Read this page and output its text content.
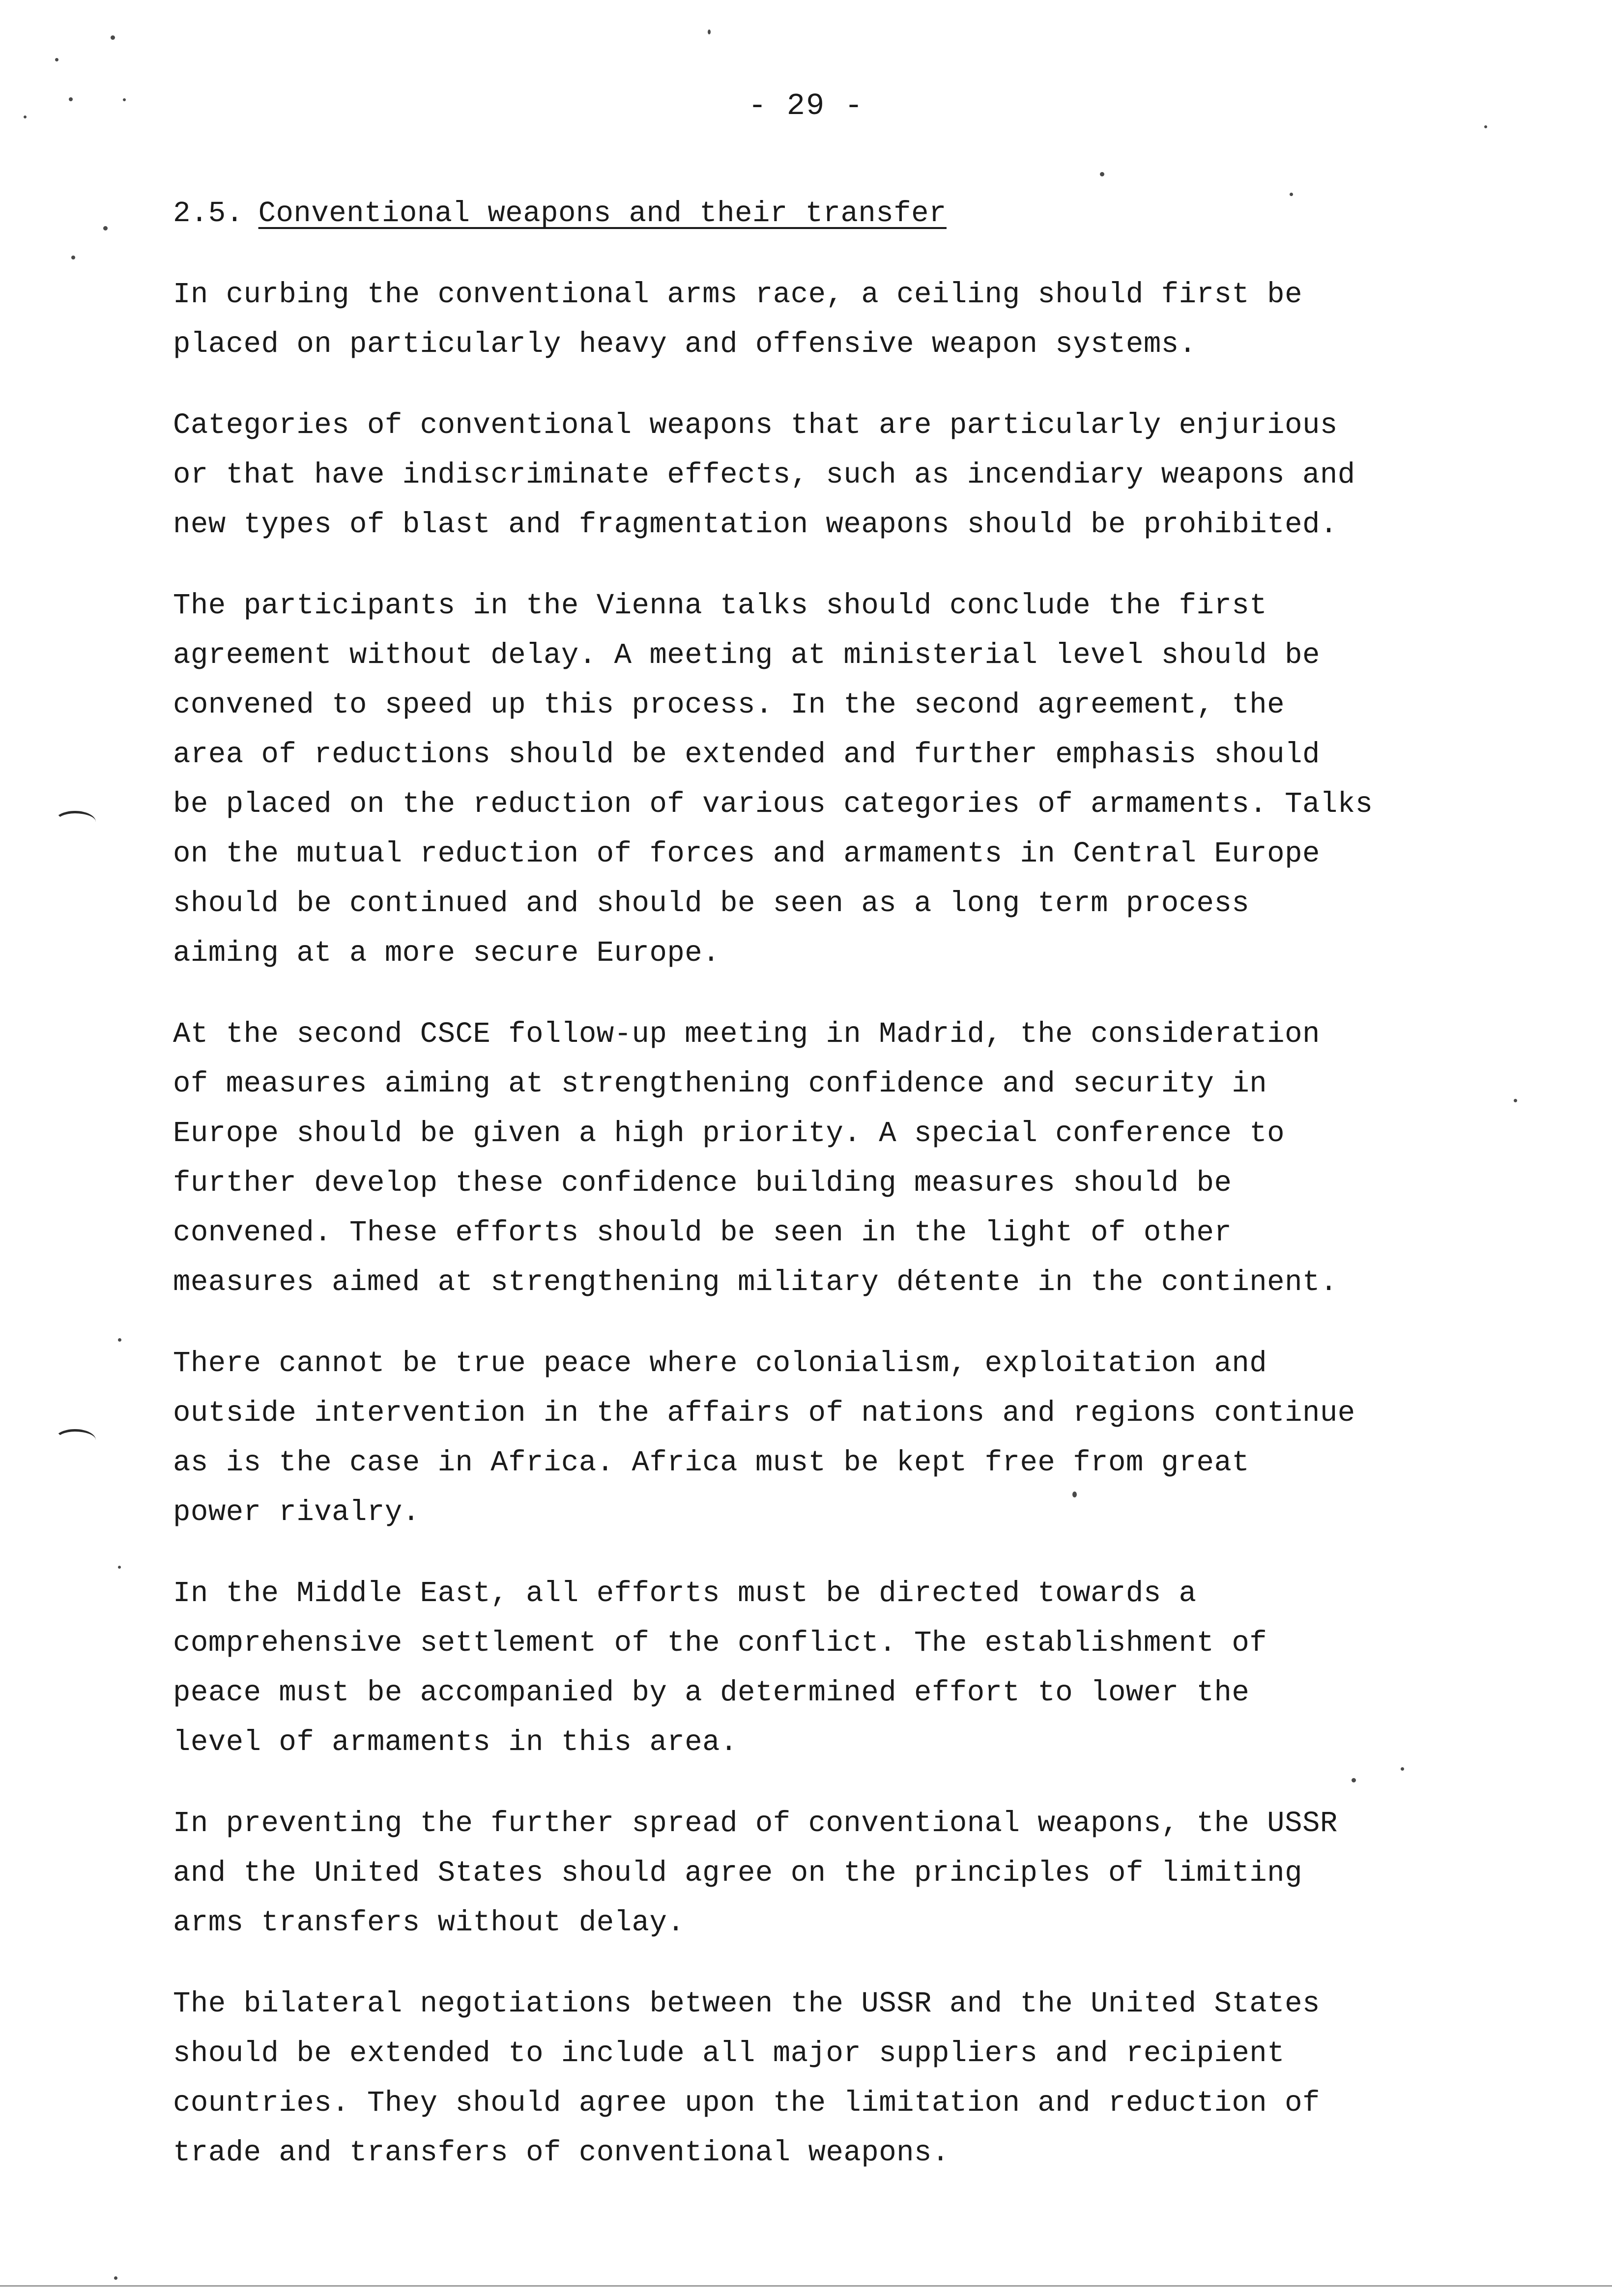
- 29 -
2.5. Conventional weapons and their transfer
In curbing the conventional arms race, a ceiling should first be
placed on particularly heavy and offensive weapon systems.
Categories of conventional weapons that are particularly enjurious
or that have indiscriminate effects, such as incendiary weapons and
new types of blast and fragmentation weapons should be prohibited.
The participants in the Vienna talks should conclude the first
agreement without delay. A meeting at ministerial level should be
convened to speed up this process. In the second agreement, the
area of reductions should be extended and further emphasis should
be placed on the reduction of various categories of armaments. Talks
on the mutual reduction of forces and armaments in Central Europe
should be continued and should be seen as a long term process
aiming at a more secure Europe.
At the second CSCE follow-up meeting in Madrid, the consideration
of measures aiming at strengthening confidence and security in
Europe should be given a high priority. A special conference to
further develop these confidence building measures should be
convened. These efforts should be seen in the light of other
measures aimed at strengthening military détente in the continent.
There cannot be true peace where colonialism, exploitation and
outside intervention in the affairs of nations and regions continue
as is the case in Africa. Africa must be kept free from great
power rivalry.
In the Middle East, all efforts must be directed towards a
comprehensive settlement of the conflict. The establishment of
peace must be accompanied by a determined effort to lower the
level of armaments in this area.
In preventing the further spread of conventional weapons, the USSR
and the United States should agree on the principles of limiting
arms transfers without delay.
The bilateral negotiations between the USSR and the United States
should be extended to include all major suppliers and recipient
countries. They should agree upon the limitation and reduction of
trade and transfers of conventional weapons.
